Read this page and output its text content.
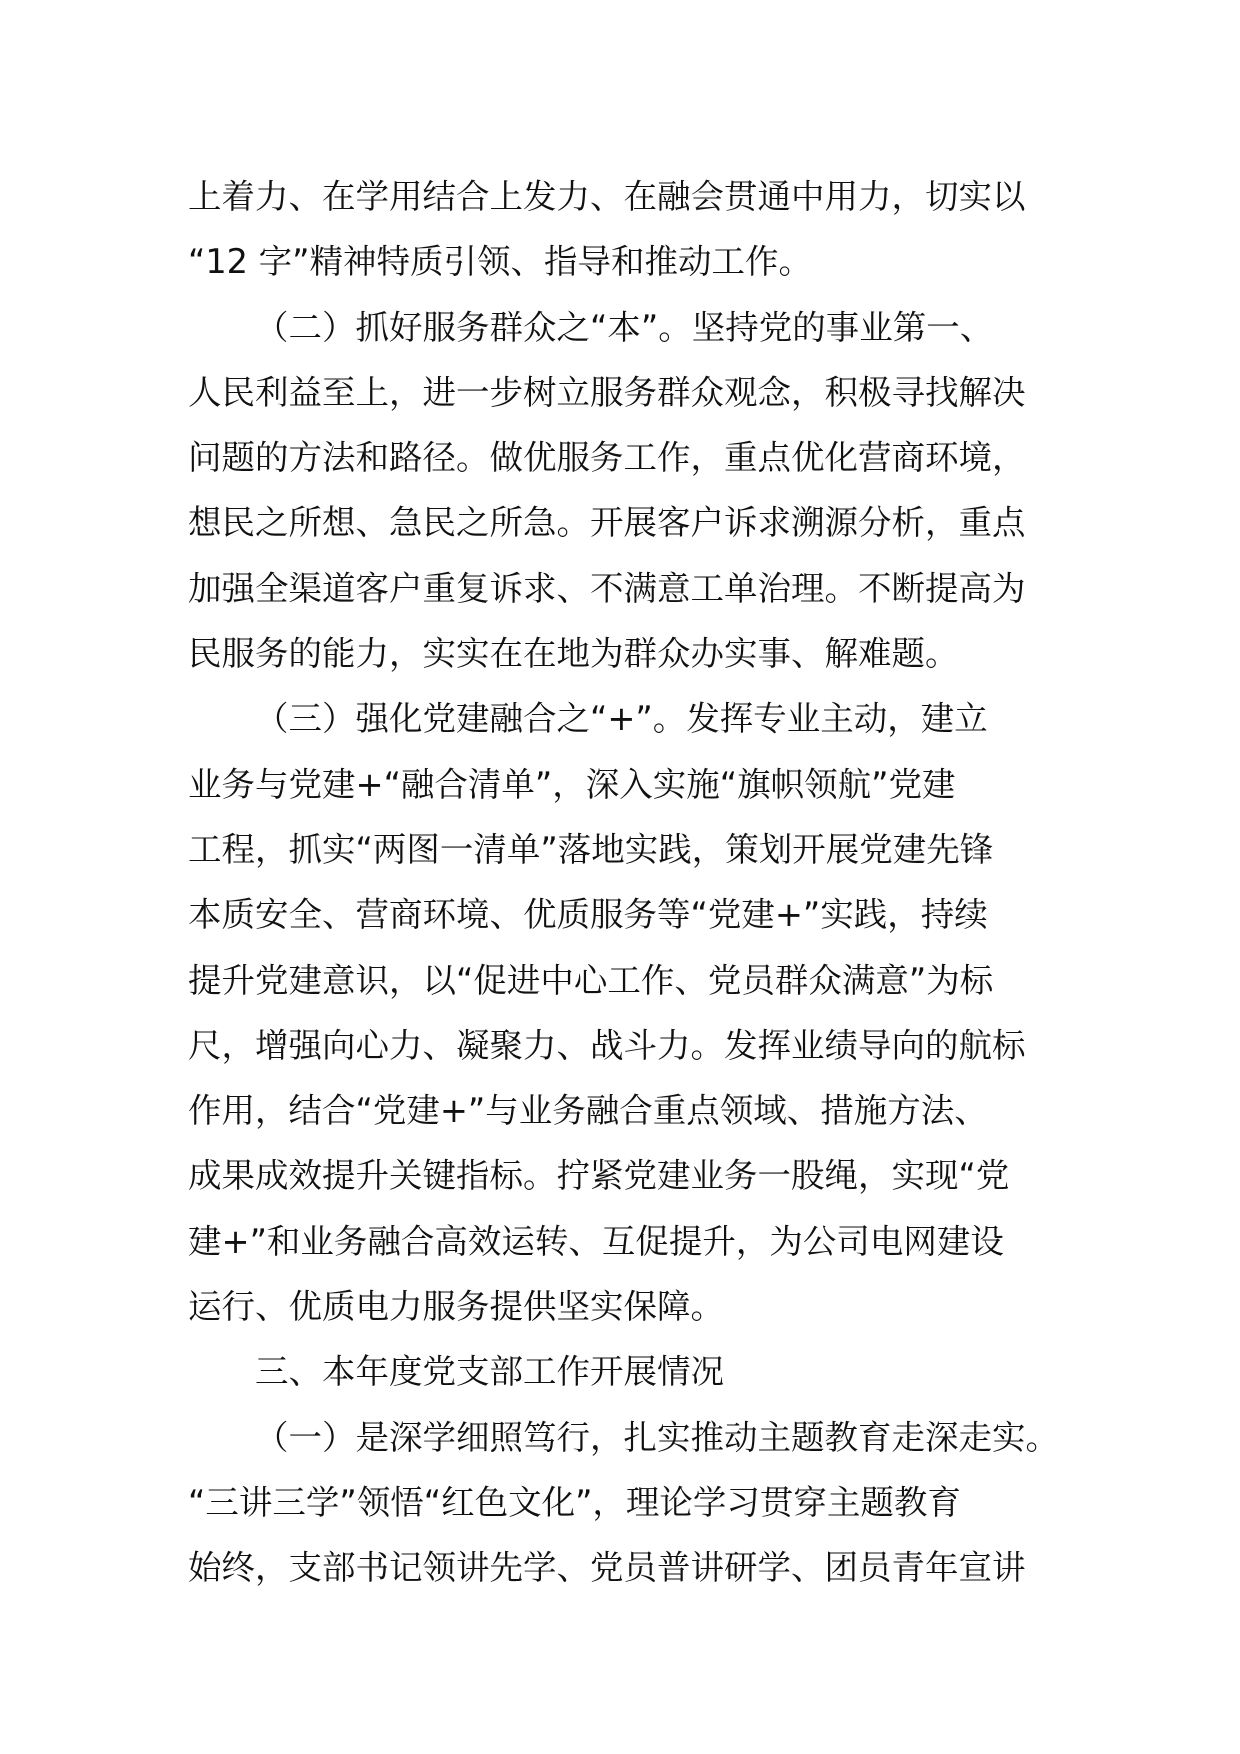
上着力、在学用结合上发力、在融会贯通中用力，切实以
“12 字”精神特质引领、指导和推动工作。
（二）抓好服务群众之“本”。坚持党的事业第一、
人民利益至上，进一步树立服务群众观念，积极寻找解决
问题的方法和路径。做优服务工作，重点优化营商环境，
想民之所想、急民之所急。开展客户诉求溯源分析，重点
加强全渠道客户重复诉求、不满意工单治理。不断提高为
民服务的能力，实实在在地为群众办实事、解难题。
（三）强化党建融合之“+”。发挥专业主动，建立
业务与党建+“融合清单”，深入实施“旗帜领航”党建
工程，抓实“两图一清单”落地实践，策划开展党建先锋
本质安全、营商环境、优质服务等“党建+”实践，持续
提升党建意识，以“促进中心工作、党员群众满意”为标
尺，增强向心力、凝聚力、战斗力。发挥业绩导向的航标
作用，结合“党建+”与业务融合重点领域、措施方法、
成果成效提升关键指标。拧紧党建业务一股绳，实现“党
建+”和业务融合高效运转、互促提升，为公司电网建设
运行、优质电力服务提供坚实保障。
三、本年度党支部工作开展情况
（一）是深学细照笃行，扎实推动主题教育走深走实。
“三讲三学”领悟“红色文化”，理论学习贯穿主题教育
始终，支部书记领讲先学、党员普讲研学、团员青年宣讲
